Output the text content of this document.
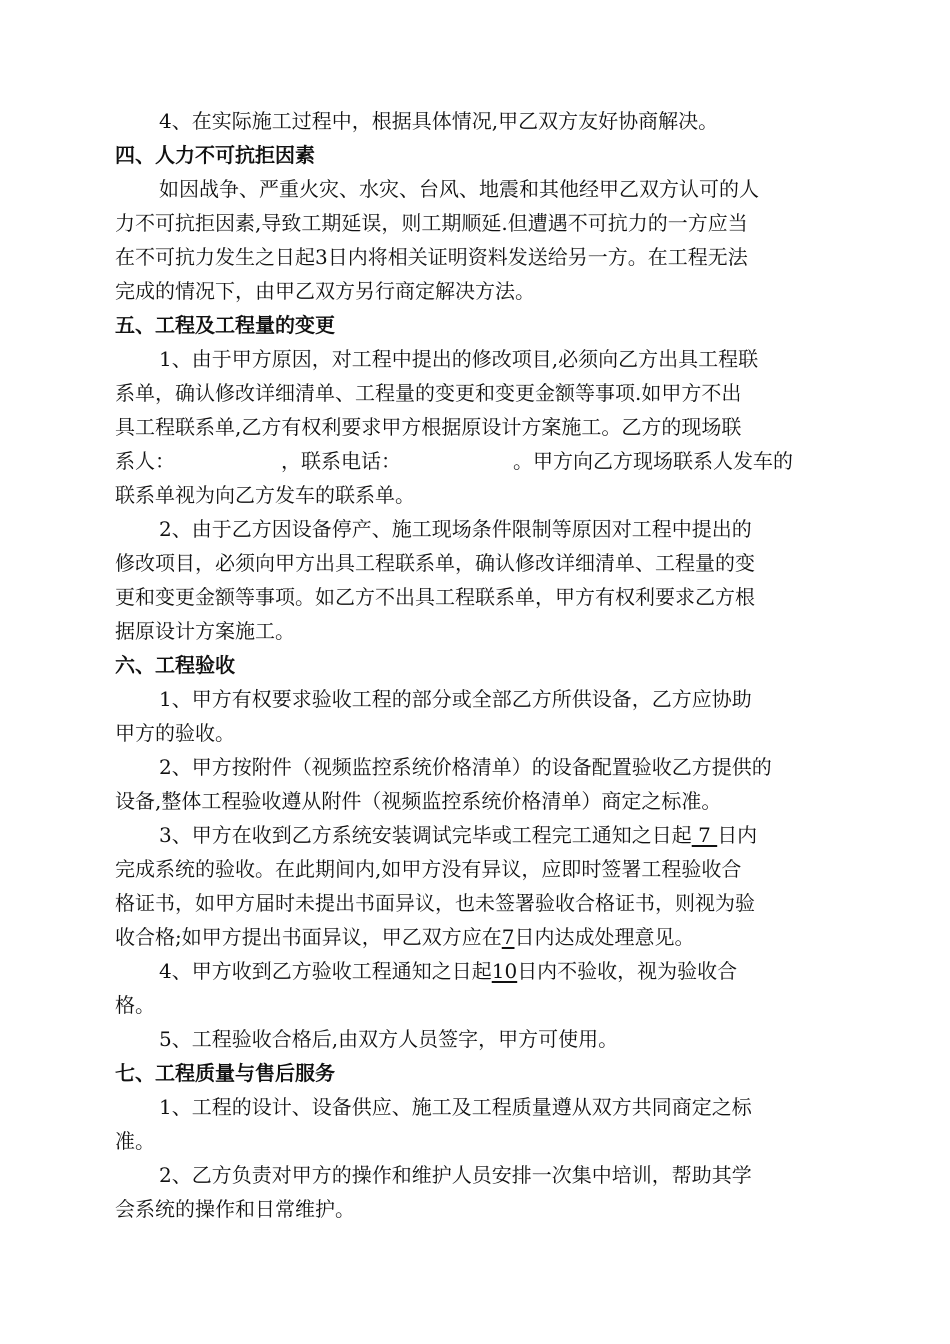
4、在实际施工过程中，根据具体情况,甲乙双方友好协商解决。
四、人力不可抗拒因素
如因战争、严重火灾、水灾、台风、地震和其他经甲乙双方认可的人
力不可抗拒因素,导致工期延误，则工期顺延.但遭遇不可抗力的一方应当
在不可抗力发生之日起3日内将相关证明资料发送给另一方。在工程无法
完成的情况下，由甲乙双方另行商定解决方法。
五、工程及工程量的变更
1、由于甲方原因，对工程中提出的修改项目,必须向乙方出具工程联
系单，确认修改详细清单、工程量的变更和变更金额等事项.如甲方不出
具工程联系单,乙方有权利要求甲方根据原设计方案施工。乙方的现场联
系人：	，联系电话：	。甲方向乙方现场联系人发车的
联系单视为向乙方发车的联系单。
2、由于乙方因设备停产、施工现场条件限制等原因对工程中提出的
修改项目，必须向甲方出具工程联系单，确认修改详细清单、工程量的变
更和变更金额等事项。如乙方不出具工程联系单，甲方有权利要求乙方根
据原设计方案施工。
六、工程验收
1、甲方有权要求验收工程的部分或全部乙方所供设备，乙方应协助
甲方的验收。
2、甲方按附件（视频监控系统价格清单）的设备配置验收乙方提供的
设备,整体工程验收遵从附件（视频监控系统价格清单）商定之标准。
3、甲方在收到乙方系统安装调试完毕或工程完工通知之日起 7 日内
完成系统的验收。在此期间内,如甲方没有异议，应即时签署工程验收合
格证书，如甲方届时未提出书面异议，也未签署验收合格证书，则视为验
收合格;如甲方提出书面异议，甲乙双方应在7日内达成处理意见。
4、甲方收到乙方验收工程通知之日起10日内不验收，视为验收合
格。
5、工程验收合格后,由双方人员签字，甲方可使用。
七、工程质量与售后服务
1、工程的设计、设备供应、施工及工程质量遵从双方共同商定之标
准。
2、乙方负责对甲方的操作和维护人员安排一次集中培训，帮助其学
会系统的操作和日常维护。
